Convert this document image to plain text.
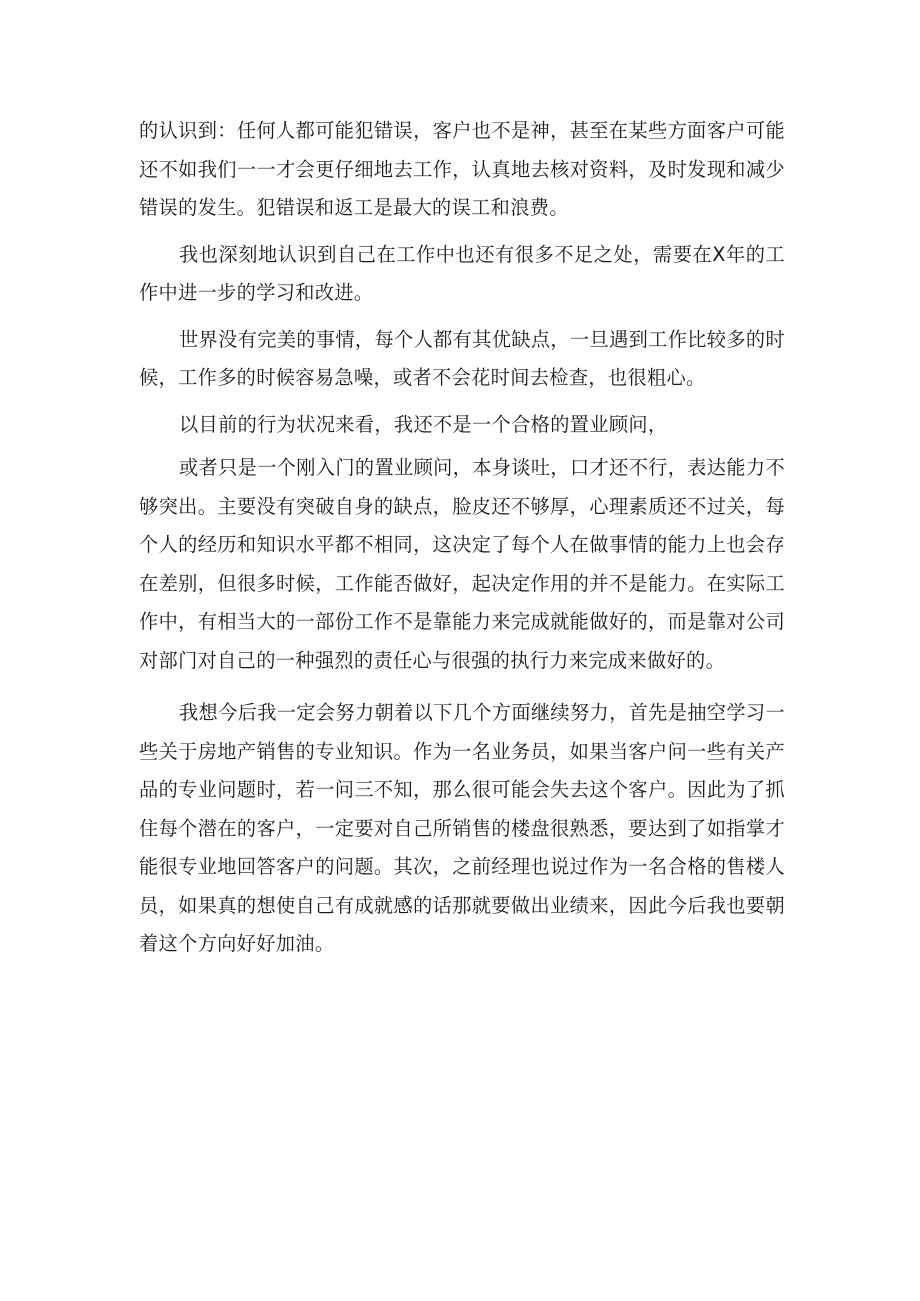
的认识到：任何人都可能犯错误，客户也不是神，甚至在某些方面客户可能还不如我们一一才会更仔细地去工作，认真地去核对资料，及时发现和减少错误的发生。犯错误和返工是最大的误工和浪费。

我也深刻地认识到自己在工作中也还有很多不足之处，需要在X年的工作中进一步的学习和改进。

世界没有完美的事情，每个人都有其优缺点，一旦遇到工作比较多的时候，工作多的时候容易急噪，或者不会花时间去检查，也很粗心。

以目前的行为状况来看，我还不是一个合格的置业顾问，

或者只是一个刚入门的置业顾问，本身谈吐，口才还不行，表达能力不够突出。主要没有突破自身的缺点，脸皮还不够厚，心理素质还不过关，每个人的经历和知识水平都不相同，这决定了每个人在做事情的能力上也会存在差别，但很多时候，工作能否做好，起决定作用的并不是能力。在实际工作中，有相当大的一部份工作不是靠能力来完成就能做好的，而是靠对公司对部门对自己的一种强烈的责任心与很强的执行力来完成来做好的。

我想今后我一定会努力朝着以下几个方面继续努力，首先是抽空学习一些关于房地产销售的专业知识。作为一名业务员，如果当客户问一些有关产品的专业问题时，若一问三不知，那么很可能会失去这个客户。因此为了抓住每个潜在的客户，一定要对自己所销售的楼盘很熟悉，要达到了如指掌才能很专业地回答客户的问题。其次，之前经理也说过作为一名合格的售楼人员，如果真的想使自己有成就感的话那就要做出业绩来，因此今后我也要朝着这个方向好好加油。
